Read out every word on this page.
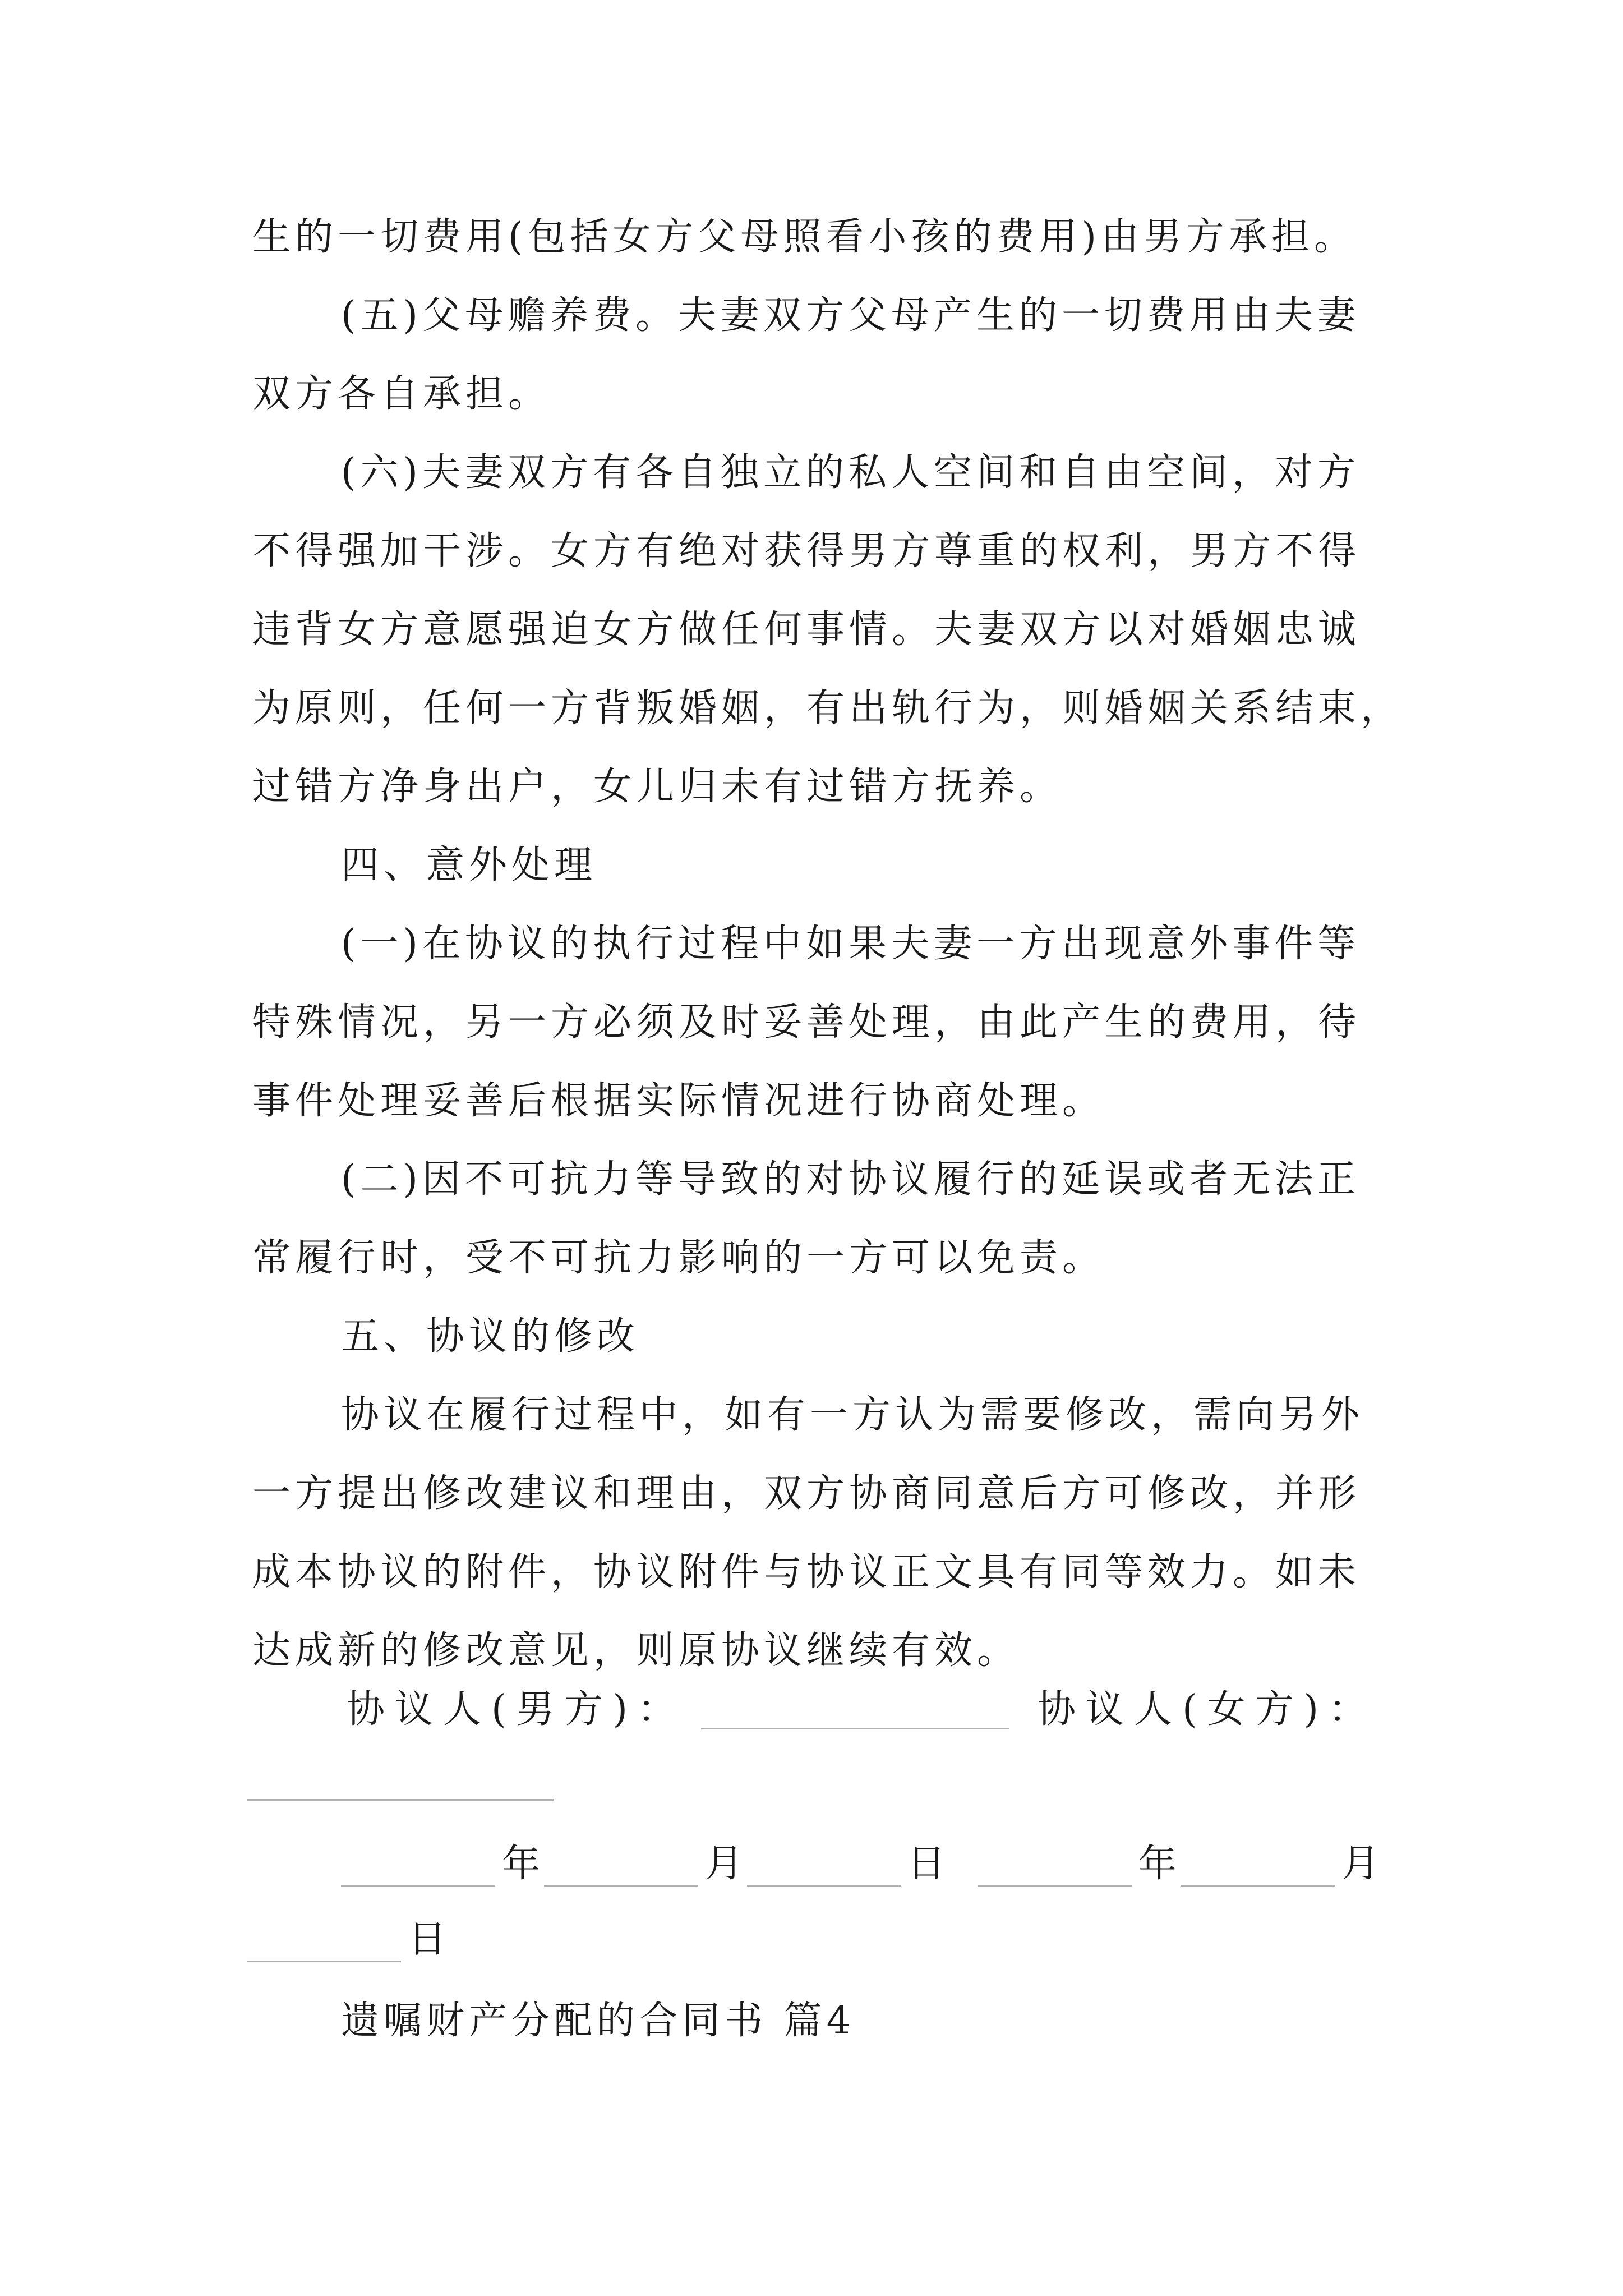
生的一切费用(包括女方父母照看小孩的费用)由男方承担。
(五)父母赡养费。夫妻双方父母产生的一切费用由夫妻
双方各自承担。
(六)夫妻双方有各自独立的私人空间和自由空间，对方
不得强加干涉。女方有绝对获得男方尊重的权利，男方不得
违背女方意愿强迫女方做任何事情。夫妻双方以对婚姻忠诚
为原则，任何一方背叛婚姻，有出轨行为，则婚姻关系结束，
过错方净身出户，女儿归未有过错方抚养。
四、意外处理
(一)在协议的执行过程中如果夫妻一方出现意外事件等
特殊情况，另一方必须及时妥善处理，由此产生的费用，待
事件处理妥善后根据实际情况进行协商处理。
(二)因不可抗力等导致的对协议履行的延误或者无法正
常履行时，受不可抗力影响的一方可以免责。
五、协议的修改
协议在履行过程中，如有一方认为需要修改，需向另外
一方提出修改建议和理由，双方协商同意后方可修改，并形
成本协议的附件，协议附件与协议正文具有同等效力。如未
达成新的修改意见，则原协议继续有效。
协议人(男方)：	协议人(女方)：
年	月	日	年	月
日
遗嘱财产分配的合同书 篇4
